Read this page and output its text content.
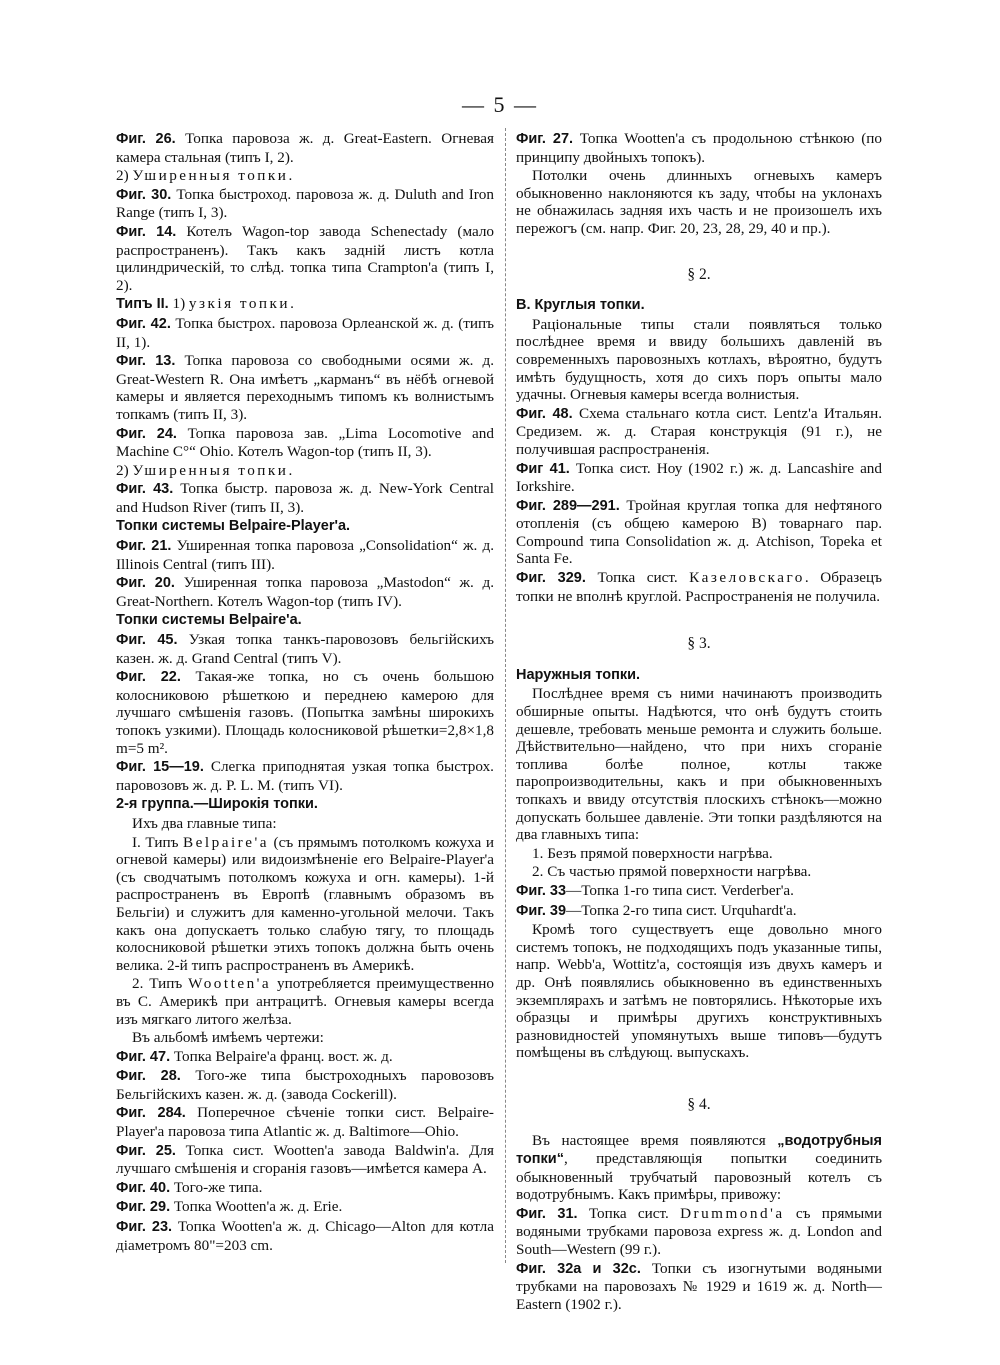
— 5 —

Фиг. 26. Топка паровоза ж. д. Great-Eastern. Огневая камера стальная (типъ I, 2).

2) Уширенныя топки.

Фиг. 30. Топка быстроход. паровоза ж. д. Duluth and Iron Range (типъ I, 3).

Фиг. 14. Котелъ Wagon-top завода Schenectady (мало распространенъ). Такъ какъ задній листъ котла цилиндрическій, то слѣд. топка типа Crampton'а (типъ I, 2).

Типъ II. 1) узкія топки.

Фиг. 42. Топка быстрох. паровоза Орлеанской ж. д. (типъ II, 1).

Фиг. 13. Топка паровоза со свободными осями ж. д. Great-Western R. Она имѣетъ „карманъ“ въ нёбѣ огневой камеры и является переходнымъ типомъ къ волнистымъ топкамъ (типъ II, 3).

Фиг. 24. Топка паровоза зав. „Lima Locomotive and Machine C°“ Ohio. Котелъ Wagon-top (типъ II, 3).

2) Уширенныя топки.

Фиг. 43. Топка быстр. паровоза ж. д. New-York Central and Hudson River (типъ II, 3).

Топки системы Belpaire-Player'а.

Фиг. 21. Уширенная топка паровоза „Consolidation“ ж. д. Illinois Central (типъ III).

Фиг. 20. Уширенная топка паровоза „Mastodon“ ж. д. Great-Northern. Котелъ Wagon-top (типъ IV).

Топки системы Belpaire'а.

Фиг. 45. Узкая топка танкъ-паровозовъ бельгійскихъ казен. ж. д. Grand Central (типъ V).

Фиг. 22. Такая-же топка, но съ очень большою колосниковою рѣшеткою и переднею камерою для лучшаго смѣшенія газовъ. (Попытка замѣны широкихъ топокъ узкими). Площадь колосниковой рѣшетки=2,8×1,8 m=5 m².

Фиг. 15—19. Слегка приподнятая узкая топка быстрох. паровозовъ ж. д. P. L. M. (типъ VI).

2-я группа.—Широкія топки.

Ихъ два главные типа:

I. Типъ Belpaire'а (съ прямымъ потолкомъ кожуха и огневой камеры) или видоизмѣненіе его Belpaire-Player'а (съ сводчатымъ потолкомъ кожуха и огн. камеры). 1-й распространенъ въ Европѣ (главнымъ образомъ въ Бельгіи) и служитъ для каменно-угольной мелочи. Такъ какъ она допускаетъ только слабую тягу, то площадь колосниковой рѣшетки этихъ топокъ должна быть очень велика. 2-й типъ распространенъ въ Америкѣ.

2. Типъ Wootten'а употребляется преимущественно въ С. Америкѣ при антрацитѣ. Огневыя камеры всегда изъ мягкаго литого желѣза.

Въ альбомѣ имѣемъ чертежи:

Фиг. 47. Топка Belpaire'а франц. вост. ж. д.

Фиг. 28. Того-же типа быстроходныхъ паровозовъ Бельгійскихъ казен. ж. д. (завода Cockerill).

Фиг. 284. Поперечное сѣченіе топки сист. Belpaire-Player'а паровоза типа Atlantic ж. д. Baltimore—Ohio.

Фиг. 25. Топка сист. Wootten'а завода Baldwin'а. Для лучшаго смѣшенія и сгоранія газовъ—имѣется камера А.

Фиг. 40. Того-же типа.

Фиг. 29. Топка Wootten'а ж. д. Erie.

Фиг. 23. Топка Wootten'а ж. д. Chicago—Alton для котла діаметромъ 80"=203 cm.

Фиг. 27. Топка Wootten'а съ продольною стѣнкою (по принципу двойныхъ топокъ).

Потолки очень длинныхъ огневыхъ камеръ обыкновенно наклоняются къ заду, чтобы на уклонахъ не обнажилась задняя ихъ часть и не произошелъ ихъ пережогъ (см. напр. Фиг. 20, 23, 28, 29, 40 и пр.).

§ 2.

B. Круглыя топки.

Раціональные типы стали появляться только послѣднее время и ввиду большихъ давленій въ современныхъ паровозныхъ котлахъ, вѣроятно, будутъ имѣть будущность, хотя до сихъ поръ опыты мало удачны. Огневыя камеры всегда волнистыя.

Фиг. 48. Схема стальнаго котла сист. Lentz'а Итальян. Средизем. ж. д. Старая конструкція (91 г.), не получившая распространенія.

Фиг 41. Топка сист. Ноу (1902 г.) ж. д. Lancashire and Iorkshire.

Фиг. 289—291. Тройная круглая топка для нефтяного отопленія (съ общею камерою В) товарнаго пар. Compound типа Consolidation ж. д. Atchison, Topeka et Santa Fe.

Фиг. 329. Топка сист. Казеловскаго. Образецъ топки не вполнѣ круглой. Распространенія не получила.

§ 3.

Наружныя топки.

Послѣднее время съ ними начинаютъ производить обширные опыты. Надѣются, что онѣ будутъ стоить дешевле, требовать меньше ремонта и служить больше. Дѣйствительно—найдено, что при нихъ сгораніе топлива болѣе полное, котлы также паропроизводительны, какъ и при обыкновенныхъ топкахъ и ввиду отсутствія плоскихъ стѣнокъ—можно допускать большее давленіе. Эти топки раздѣляются на два главныхъ типа:

1. Безъ прямой поверхности нагрѣва.

2. Съ частью прямой поверхности нагрѣва.

Фиг. 33—Топка 1-го типа сист. Verderber'а.

Фиг. 39—Топка 2-го типа сист. Urquhardt'а.

Кромѣ того существуетъ еще довольно много системъ топокъ, не подходящихъ подъ указанные типы, напр. Webb'а, Wottitz'а, состоящія изъ двухъ камеръ и др. Онѣ появлялись обыкновенно въ единственныхъ экземплярахъ и затѣмъ не повторялись. Нѣкоторые ихъ образцы и примѣры другихъ конструктивныхъ разновидностей упомянутыхъ выше типовъ—будутъ помѣщены въ слѣдующ. выпускахъ.

§ 4.

Въ настоящее время появляются „водотрубныя топки“, представляющія попытки соединить обыкновенный трубчатый паровозный котелъ съ водотрубнымъ. Какъ примѣры, привожу:

Фиг. 31. Топка сист. Drummond'а съ прямыми водяными трубками паровоза express ж. д. London and South—Western (99 г.).

Фиг. 32а и 32с. Топки съ изогнутыми водяными трубками на паровозахъ № 1929 и 1619 ж. д. North—Eastern (1902 г.).
